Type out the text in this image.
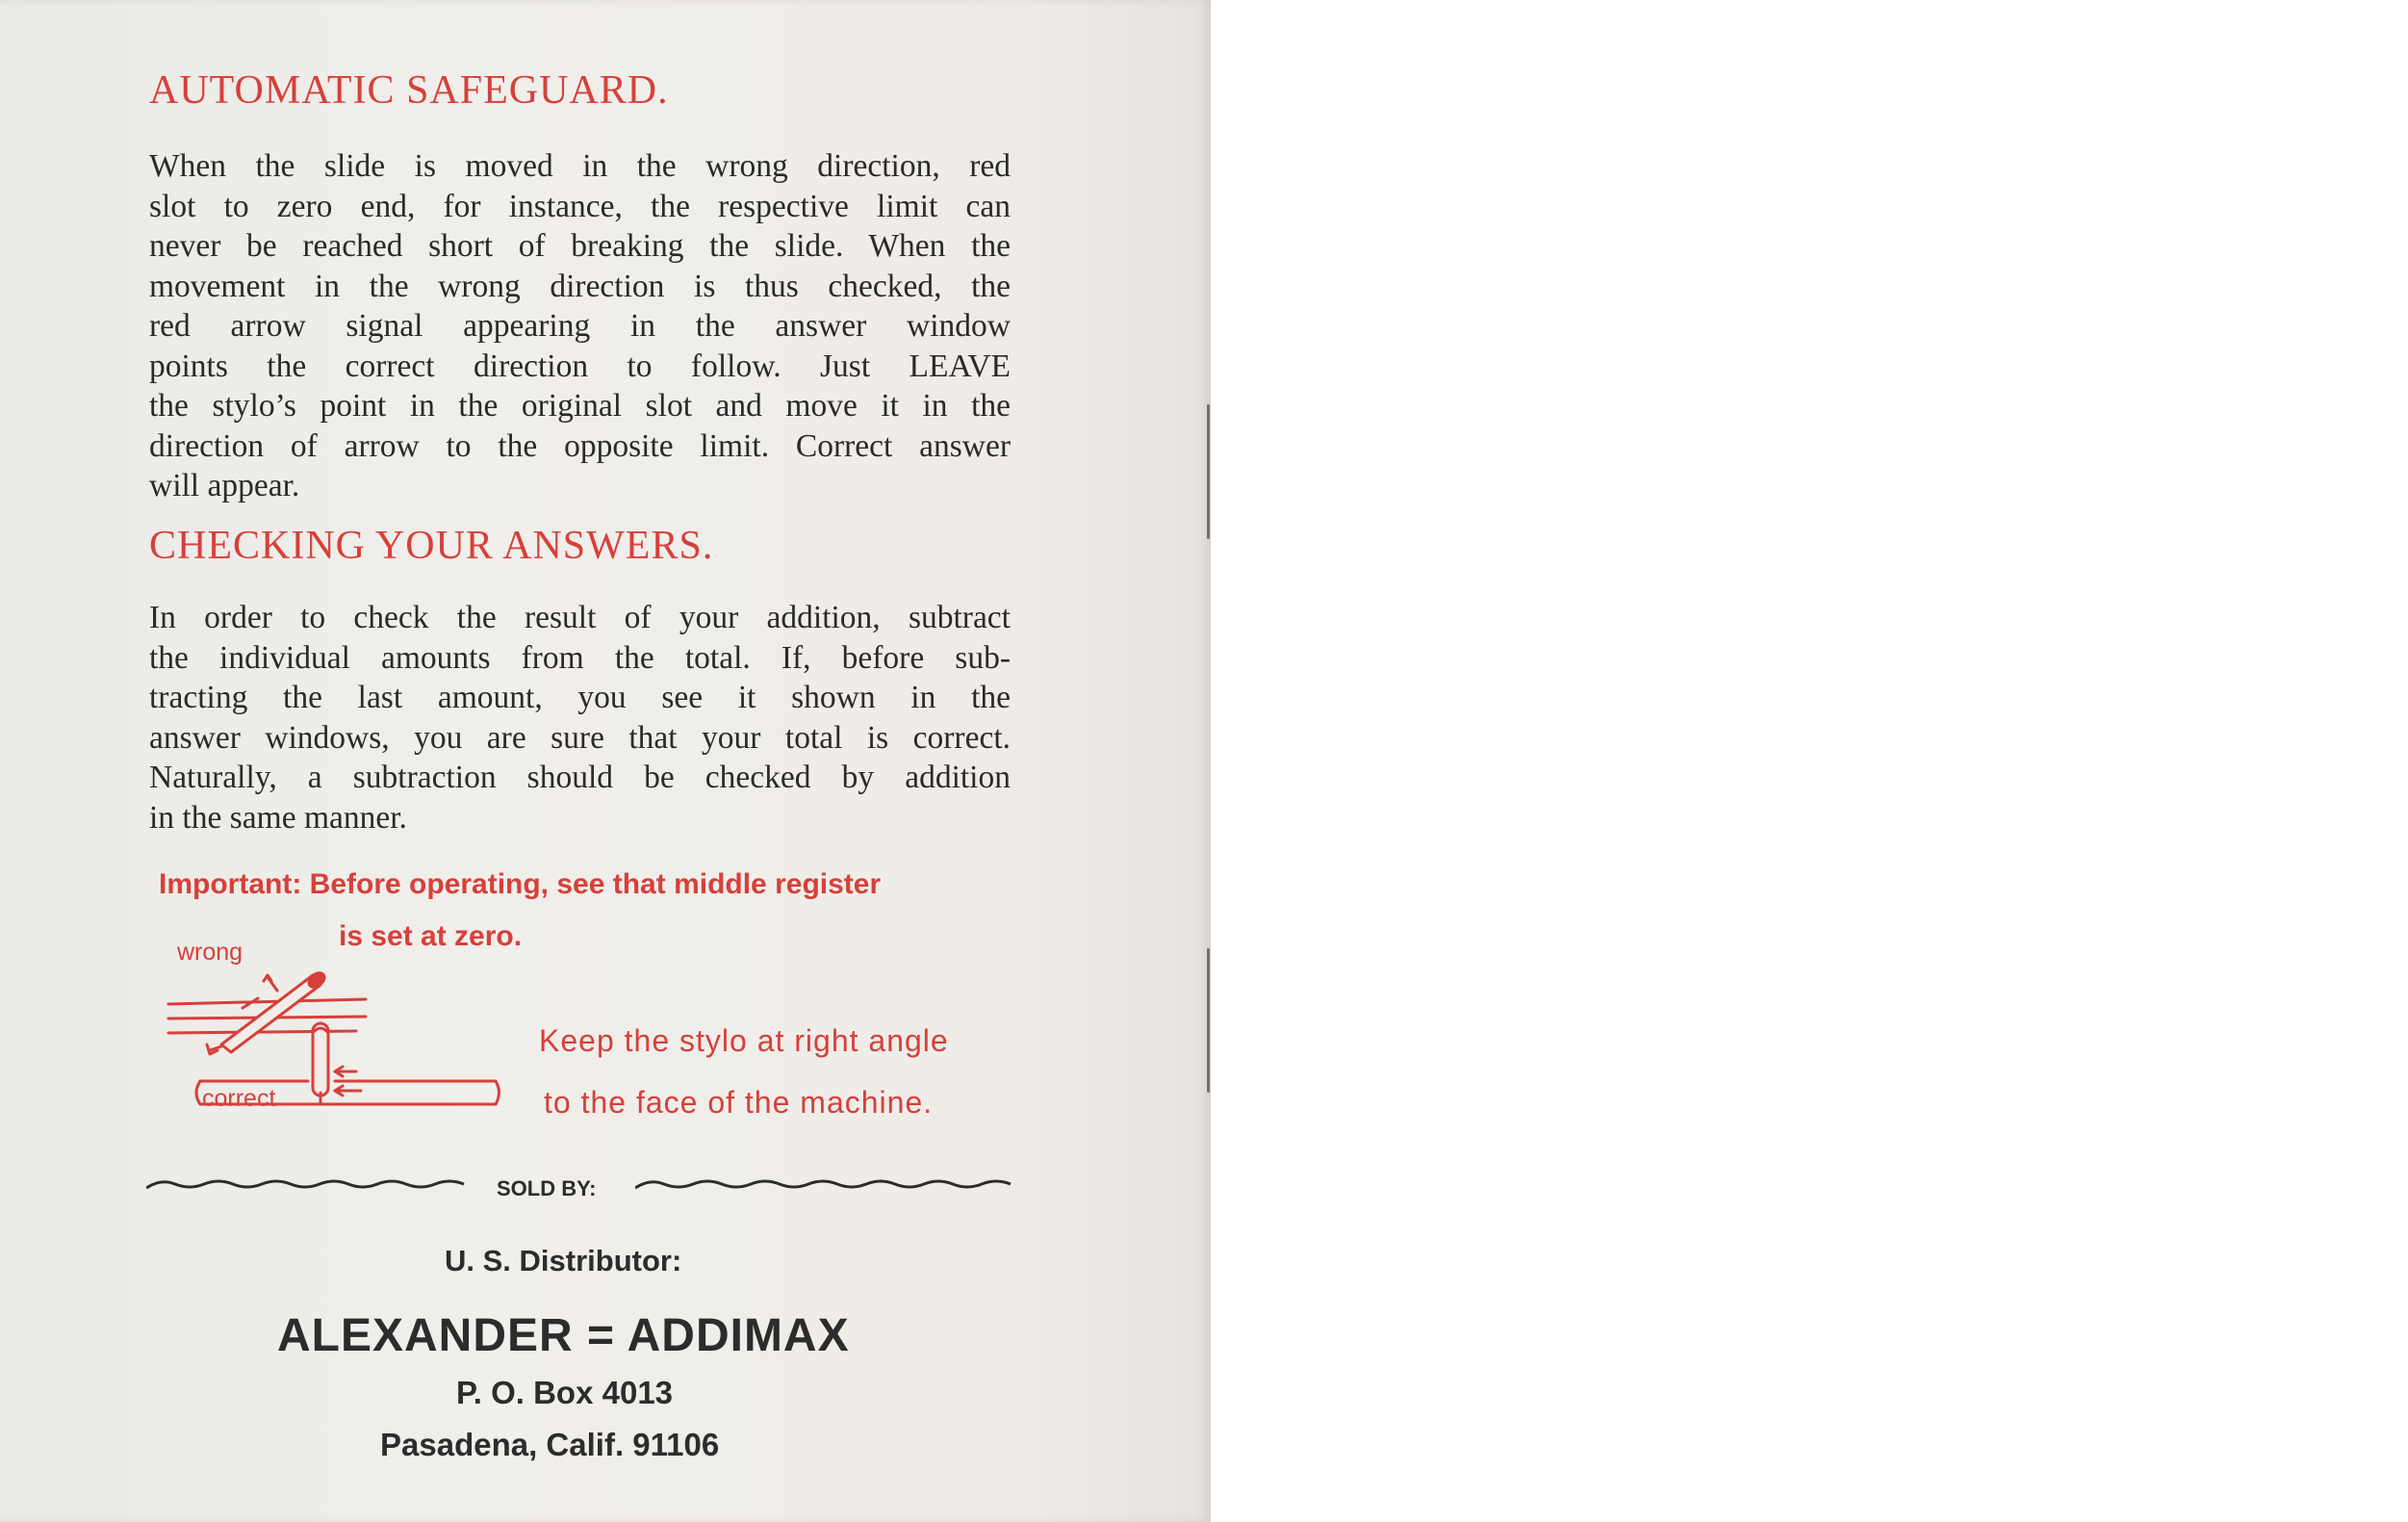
AUTOMATIC SAFEGUARD.
When the slide is moved in the wrong direction, red
slot to zero end, for instance, the respective limit can
never be reached short of breaking the slide. When the
movement in the wrong direction is thus checked, the
red arrow signal appearing in the answer window
points the correct direction to follow. Just LEAVE
the stylo’s point in the original slot and move it in the
direction of arrow to the opposite limit. Correct answer
will appear.
CHECKING YOUR ANSWERS.
In order to check the result of your addition, subtract
the individual amounts from the total. If, before sub-
tracting the last amount, you see it shown in the
answer windows, you are sure that your total is correct.
Naturally, a subtraction should be checked by addition
in the same manner.
Important: Before operating, see that middle register
is set at zero.
wrong
correct
Keep the stylo at right angle
to the face of the machine.
SOLD BY:
U. S. Distributor:
ALEXANDER = ADDIMAX
P. O. Box 4013
Pasadena, Calif. 91106
